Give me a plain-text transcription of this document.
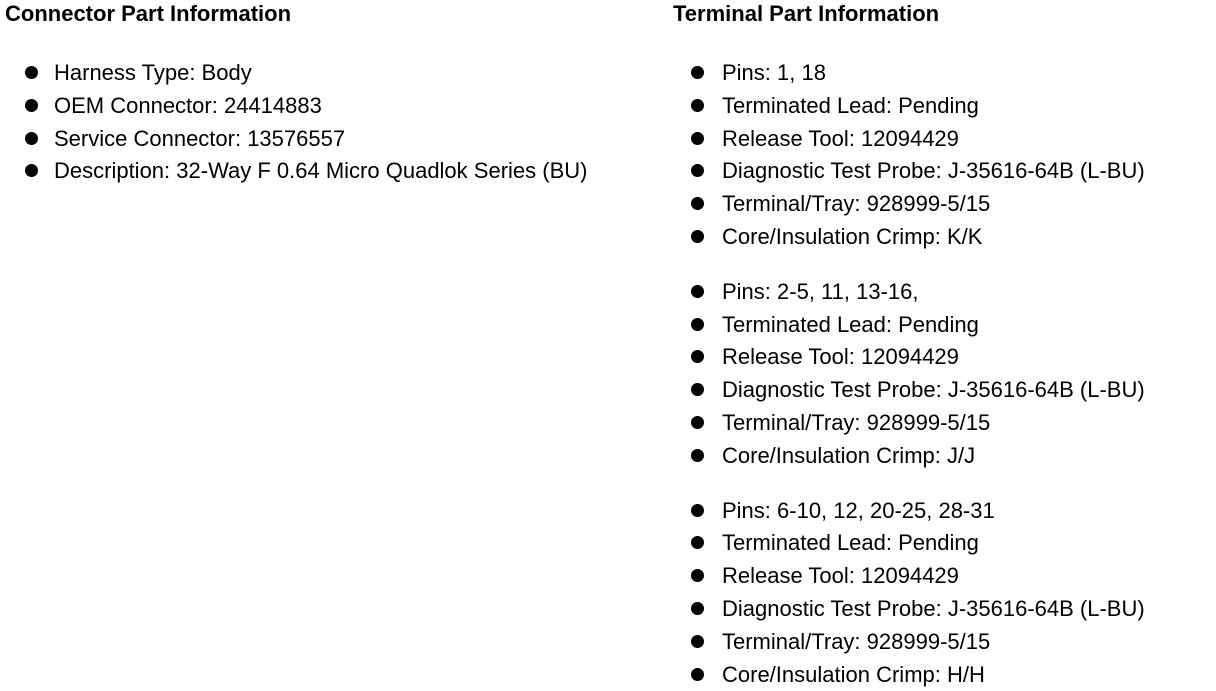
Connector Part Information
Harness Type: Body
OEM Connector: 24414883
Service Connector: 13576557
Description: 32-Way F 0.64 Micro Quadlok Series (BU)
Terminal Part Information
Pins: 1, 18
Terminated Lead: Pending
Release Tool: 12094429
Diagnostic Test Probe: J-35616-64B (L-BU)
Terminal/Tray: 928999-5/15
Core/Insulation Crimp: K/K
Pins: 2-5, 11, 13-16,
Terminated Lead: Pending
Release Tool: 12094429
Diagnostic Test Probe: J-35616-64B (L-BU)
Terminal/Tray: 928999-5/15
Core/Insulation Crimp: J/J
Pins: 6-10, 12, 20-25, 28-31
Terminated Lead: Pending
Release Tool: 12094429
Diagnostic Test Probe: J-35616-64B (L-BU)
Terminal/Tray: 928999-5/15
Core/Insulation Crimp: H/H
